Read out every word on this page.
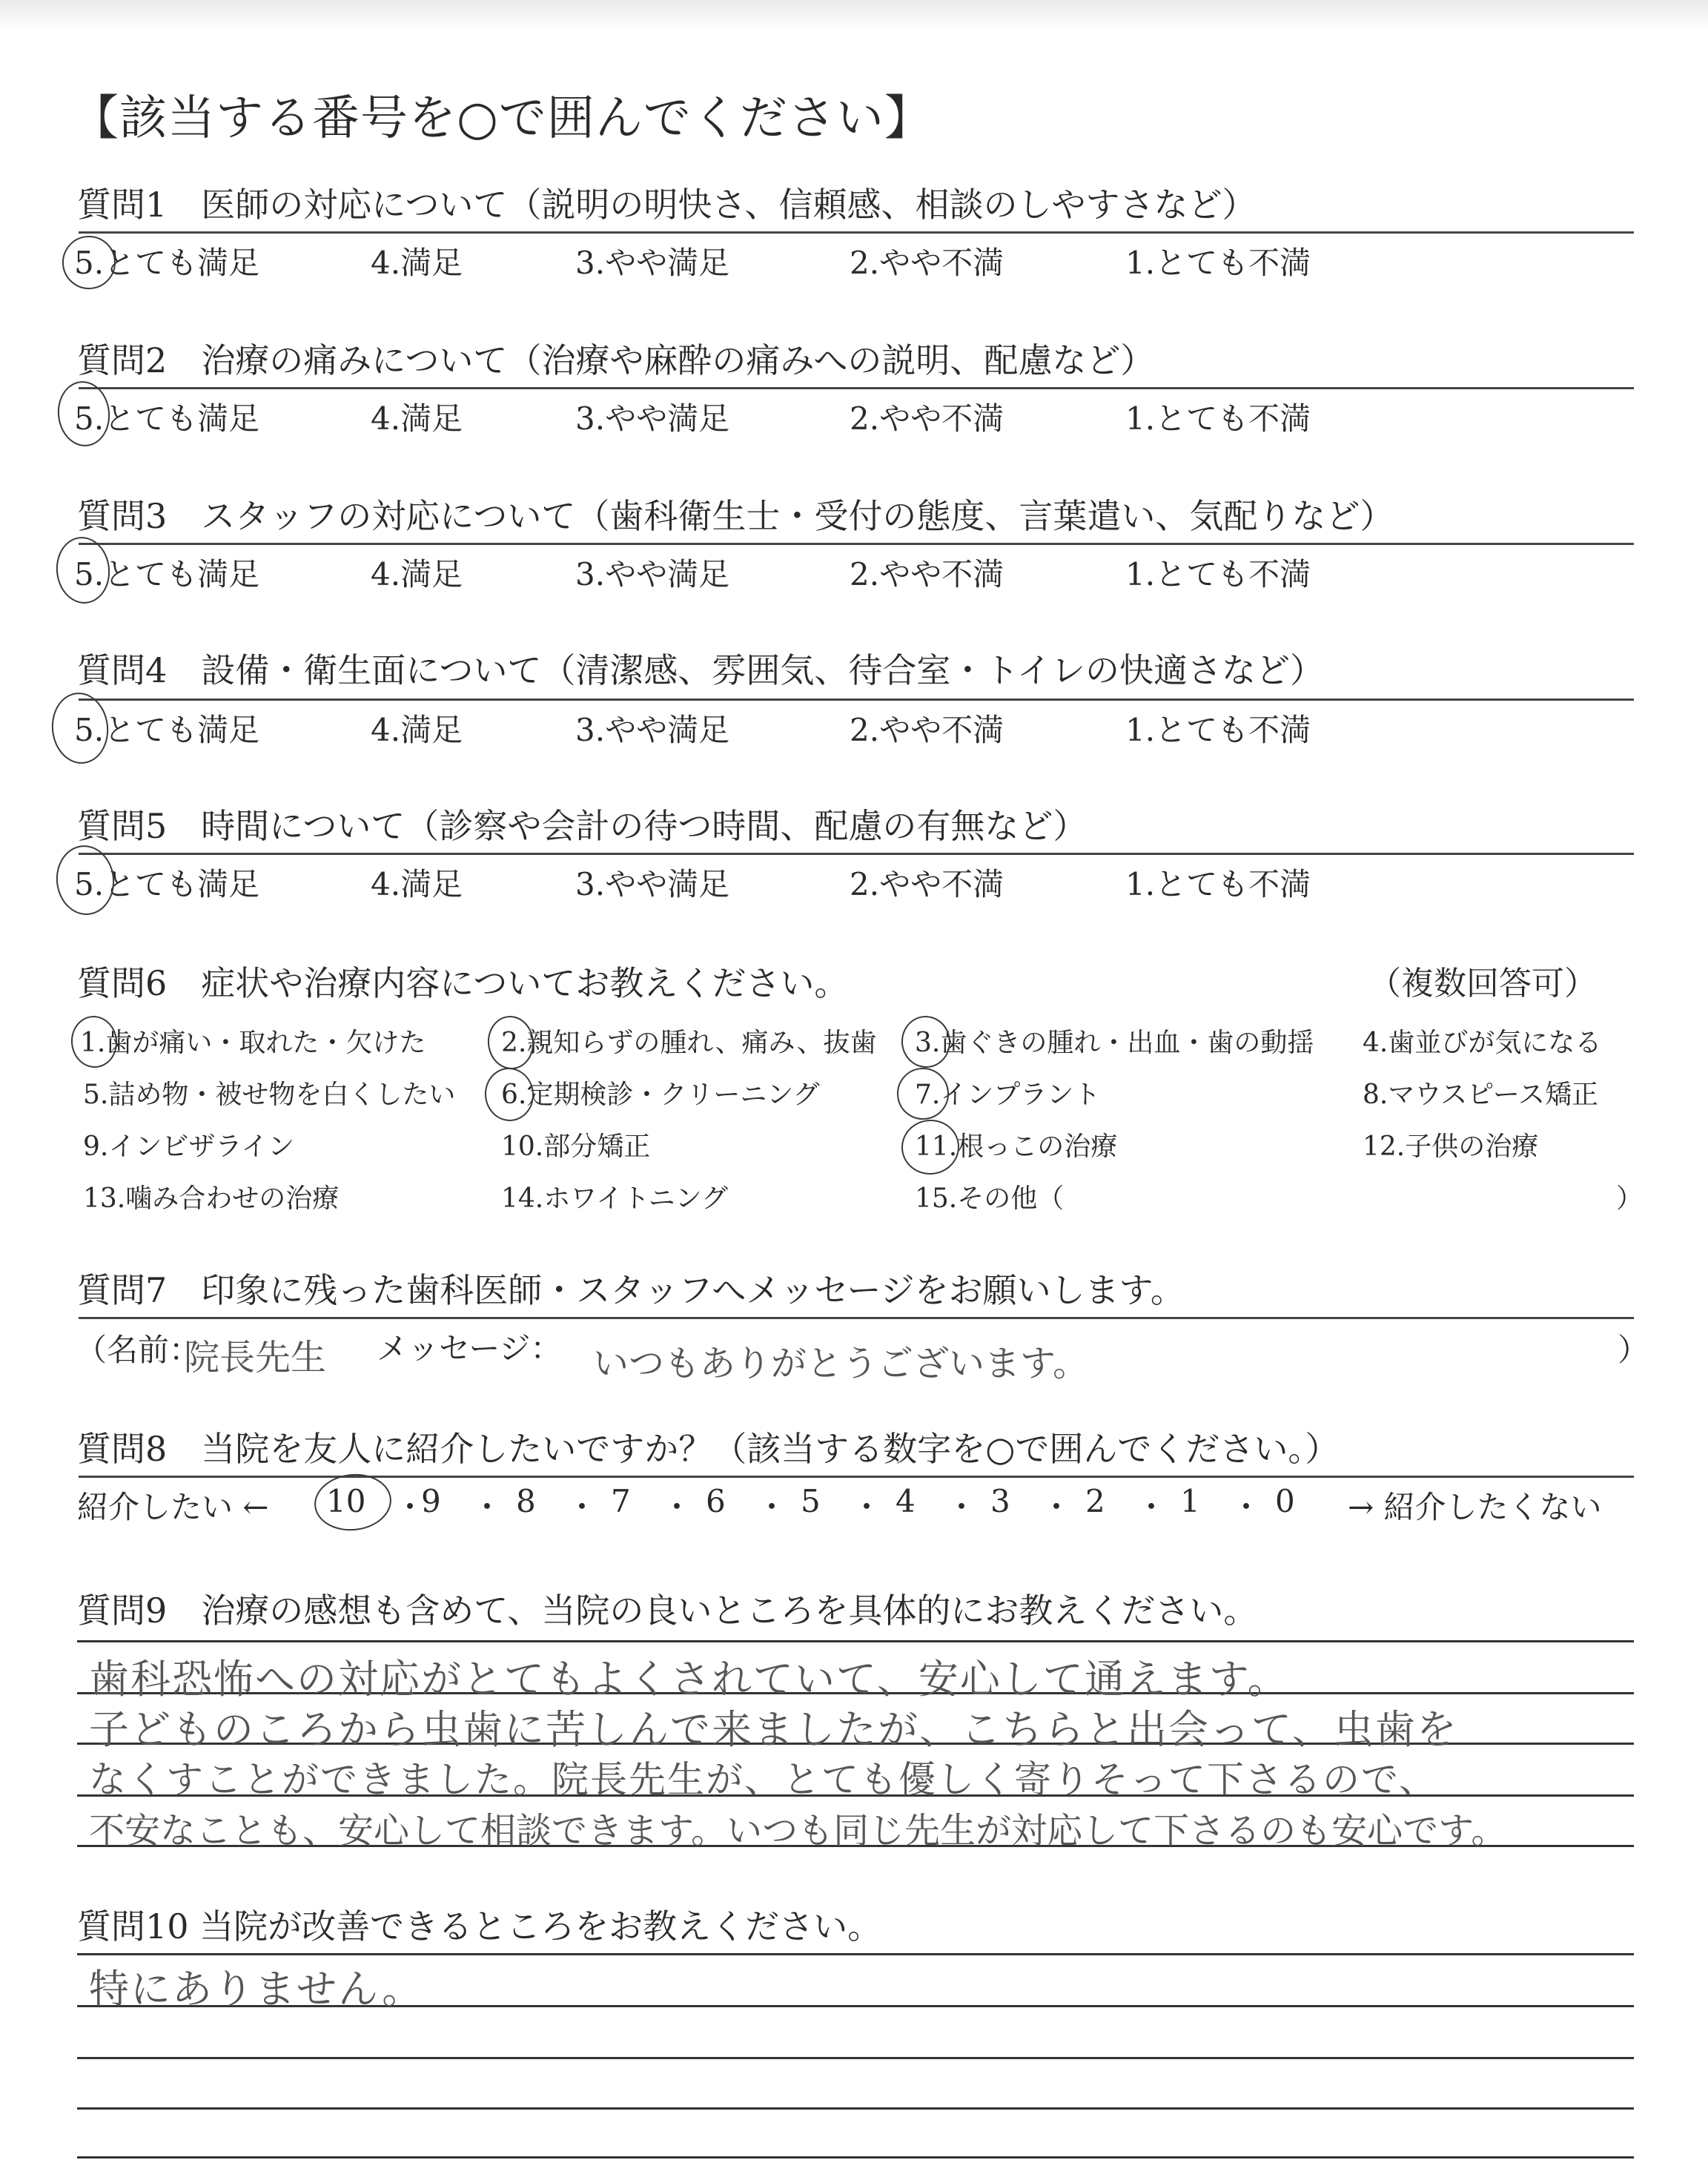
【該当する番号を○で囲んでください】
質問1　医師の対応について（説明の明快さ、信頼感、相談のしやすさなど）
5.とても満足	4.満足	3.やや満足	2.やや不満	1.とても不満
質問2　治療の痛みについて（治療や麻酔の痛みへの説明、配慮など）
5.とても満足	4.満足	3.やや満足	2.やや不満	1.とても不満
質問3　スタッフの対応について（歯科衛生士・受付の態度、言葉遣い、気配りなど）
5.とても満足	4.満足	3.やや満足	2.やや不満	1.とても不満
質問4　設備・衛生面について（清潔感、雰囲気、待合室・トイレの快適さなど）
5.とても満足	4.満足	3.やや満足	2.やや不満	1.とても不満
質問5　時間について（診察や会計の待つ時間、配慮の有無など）
5.とても満足	4.満足	3.やや満足	2.やや不満	1.とても不満
質問6　症状や治療内容についてお教えください。	（複数回答可）
1.歯が痛い・取れた・欠けた	2.親知らずの腫れ、痛み、抜歯 3.歯ぐきの腫れ・出血・歯の動揺 4.歯並びが気になる
5.詰め物・被せ物を白くしたい 6.定期検診・クリーニング	7.インプラント	8.マウスピース矯正
9.インビザライン	10.部分矯正	11.根っこの治療	12.子供の治療
13.噛み合わせの治療	14.ホワイトニング	15.その他（	）
質問7　印象に残った歯科医師・スタッフへメッセージをお願いします。
（名前：
院長先生 メッセージ： いつもありがとうございます。	）
質問8　当院を友人に紹介したいですか？（該当する数字を○で囲んでください。）
紹介したい ← 10 ・
9 ・ 8 ・ 7 ・ 6 ・ 5 ・ 4 ・ 3 ・ 2 ・ 1 ・ 0 → 紹介したくない
質問9　治療の感想も含めて、当院の良いところを具体的にお教えください。
歯科恐怖への対応がとてもよくされていて、安心して通えます。
子どものころから虫歯に苦しんで来ましたが、こちらと出会って、虫歯を
なくすことができました。院長先生が、とても優しく寄りそって下さるので、
不安なことも、安心して相談できます。いつも同じ先生が対応して下さるのも安心です。
質問10 当院が改善できるところをお教えください。
特にありません。
